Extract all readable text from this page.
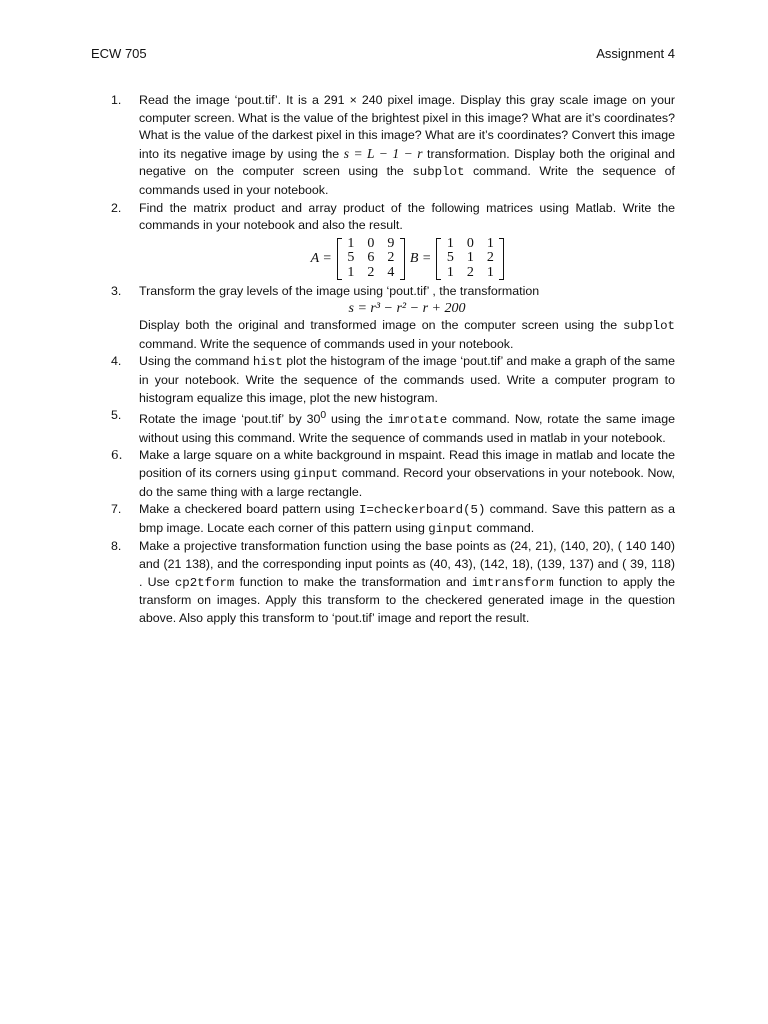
ECW 705	Assignment 4
1.	Read the image ‘pout.tif’. It is a 291 × 240 pixel image. Display this gray scale image on your computer screen. What is the value of the brightest pixel in this image? What are it’s coordinates? What is the value of the darkest pixel in this image? What are it’s coordinates? Convert this image into its negative image by using the s = L − 1 − r transformation. Display both the original and negative on the computer screen using the subplot command. Write the sequence of commands used in your notebook.
2.	Find the matrix product and array product of the following matrices using Matlab. Write the commands in your notebook and also the result.
A =
1 0 9
5 6 2
1 2 4
B =
1 0 1
5 1 2
1 2 1
3.	Transform the gray levels of the image using ‘pout.tif’ , the transformation
s = r³ − r² − r + 200
Display both the original and transformed image on the computer screen using the subplot command. Write the sequence of commands used in your notebook.
4.	Using the command hist plot the histogram of the image ‘pout.tif’ and make a graph of the same in your notebook. Write the sequence of the commands used. Write a computer program to histogram equalize this image, plot the new histogram.
5.	Rotate the image ‘pout.tif’ by $30^0$ using the imrotate command. Now, rotate the same image without using this command. Write the sequence of commands used in matlab in your notebook.
6.	Make a large square on a white background in mspaint. Read this image in matlab and locate the position of its corners using ginput command. Record your observations in your notebook. Now, do the same thing with a large rectangle.
7.	Make a checkered board pattern using I=checkerboard(5) command. Save this pattern as a bmp image. Locate each corner of this pattern using ginput command.
8.	Make a projective transformation function using the base points as (24, 21), (140, 20), ( 140 140) and (21 138), and the corresponding input points as (40, 43), (142, 18), (139, 137) and ( 39, 118) . Use cp2tform function to make the transformation and imtransform function to apply the transform on images. Apply this transform to the checkered generated image in the question above. Also apply this transform to ‘pout.tif’ image and report the result.
